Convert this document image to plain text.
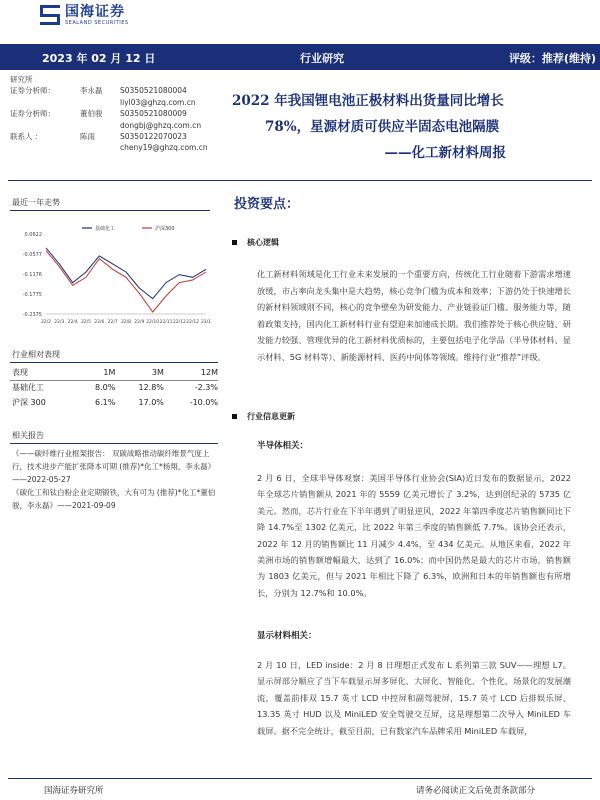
国海证券
SEALAND SECURITIES
2023 年 02 月 12 日	行业研究	评级：推荐(维持)
研究所
证券分析师：	李永磊	S0350521080004
liyl03@ghzq.com.cn
证券分析师：	董伯骏	S0350521080009
dongbj@ghzq.com.cn
联系人 ：	陈雨	S0350122070023
cheny19@ghzq.com.cn
2022 年我国锂电池正极材料出货量同比增长
78%，星源材质可供应半固态电池隔膜
——化工新材料周报
最近一年走势
0.0622
-0.0577
-0.1176
-0.1775
-0.2375
22/2 22/3 22/4 22/5 22/6 22/7 22/8 22/9 22/10 22/11 22/12 22/12 23/1
基础化工	沪深300
行业相对表现
表现	1M	3M	12M
基础化工	8.0%	12.8%	-2.3%
沪深 300	6.1%	17.0%	-10.0%
相关报告
《——碳纤维行业框架报告： 双碳战略推动碳纤维景气度上行，技术进步产能扩张降本可期 (推荐)*化工*杨翔，李永磊》——2022-05-27
《碳化工和钛白粉企业定期锻铁，大有可为 (推荐)*化工*董伯骏，李永磊》——2021-09-09
投资要点：
核心逻辑
化工新材料领域是化工行业未来发展的一个重要方向，传统化工行业随着下游需求增速放缓，市占率向龙头集中是大趋势，核心竞争门槛为成本和效率；下游仍处于快速增长的新材料领域则不同，核心的竞争壁垒为研发能力、产业链验证门槛、服务能力等，随着政策支持，国内化工新材料行业有望迎来加速成长期。我们推荐处于核心供应链、研发能力较强、管理优异的化工新材料优质标的，主要包括电子化学品（半导体材料、显示材料、5G 材料等）、新能源材料、医药中间体等领域。维持行业“推荐”评级。
行业信息更新
半导体相关：
2 月 6 日，全球半导体观察：美国半导体行业协会(SIA)近日发布的数据显示，2022 年全球芯片销售额从 2021 年的 5559 亿美元增长了 3.2%，达到创纪录的 5735 亿美元。然而，芯片行业在下半年遇到了明显逆风，2022 年第四季度芯片销售额同比下降 14.7%至 1302 亿美元，比 2022 年第三季度的销售额低 7.7%。该协会还表示，2022 年 12 月的销售额比 11 月减少 4.4%，至 434 亿美元。从地区来看，2022 年美洲市场的销售额增幅最大，达到了 16.0%；而中国仍然是最大的芯片市场，销售额为 1803 亿美元，但与 2021 年相比下降了 6.3%，欧洲和日本的年销售额也有所增长，分别为 12.7%和 10.0%。
显示材料相关：
2 月 10 日，LED inside：2 月 8 日理想正式发布 L 系列第三款 SUV——理想 L7。显示屏部分顺应了当下车载显示屏多屏化、大屏化、智能化、个性化、场景化的发展潮流，覆盖前排双 15.7 英寸 LCD 中控屏和副驾驶屏，15.7 英寸 LCD 后排娱乐屏、13.35 英寸 HUD 以及 MiniLED 安全驾驶交互屏，这是理想第二次导入 MiniLED 车载屏。据不完全统计，截至目前，已有数家汽车品牌采用 MiniLED 车载屏，
国海证券研究所	请务必阅读正文后免责条款部分
